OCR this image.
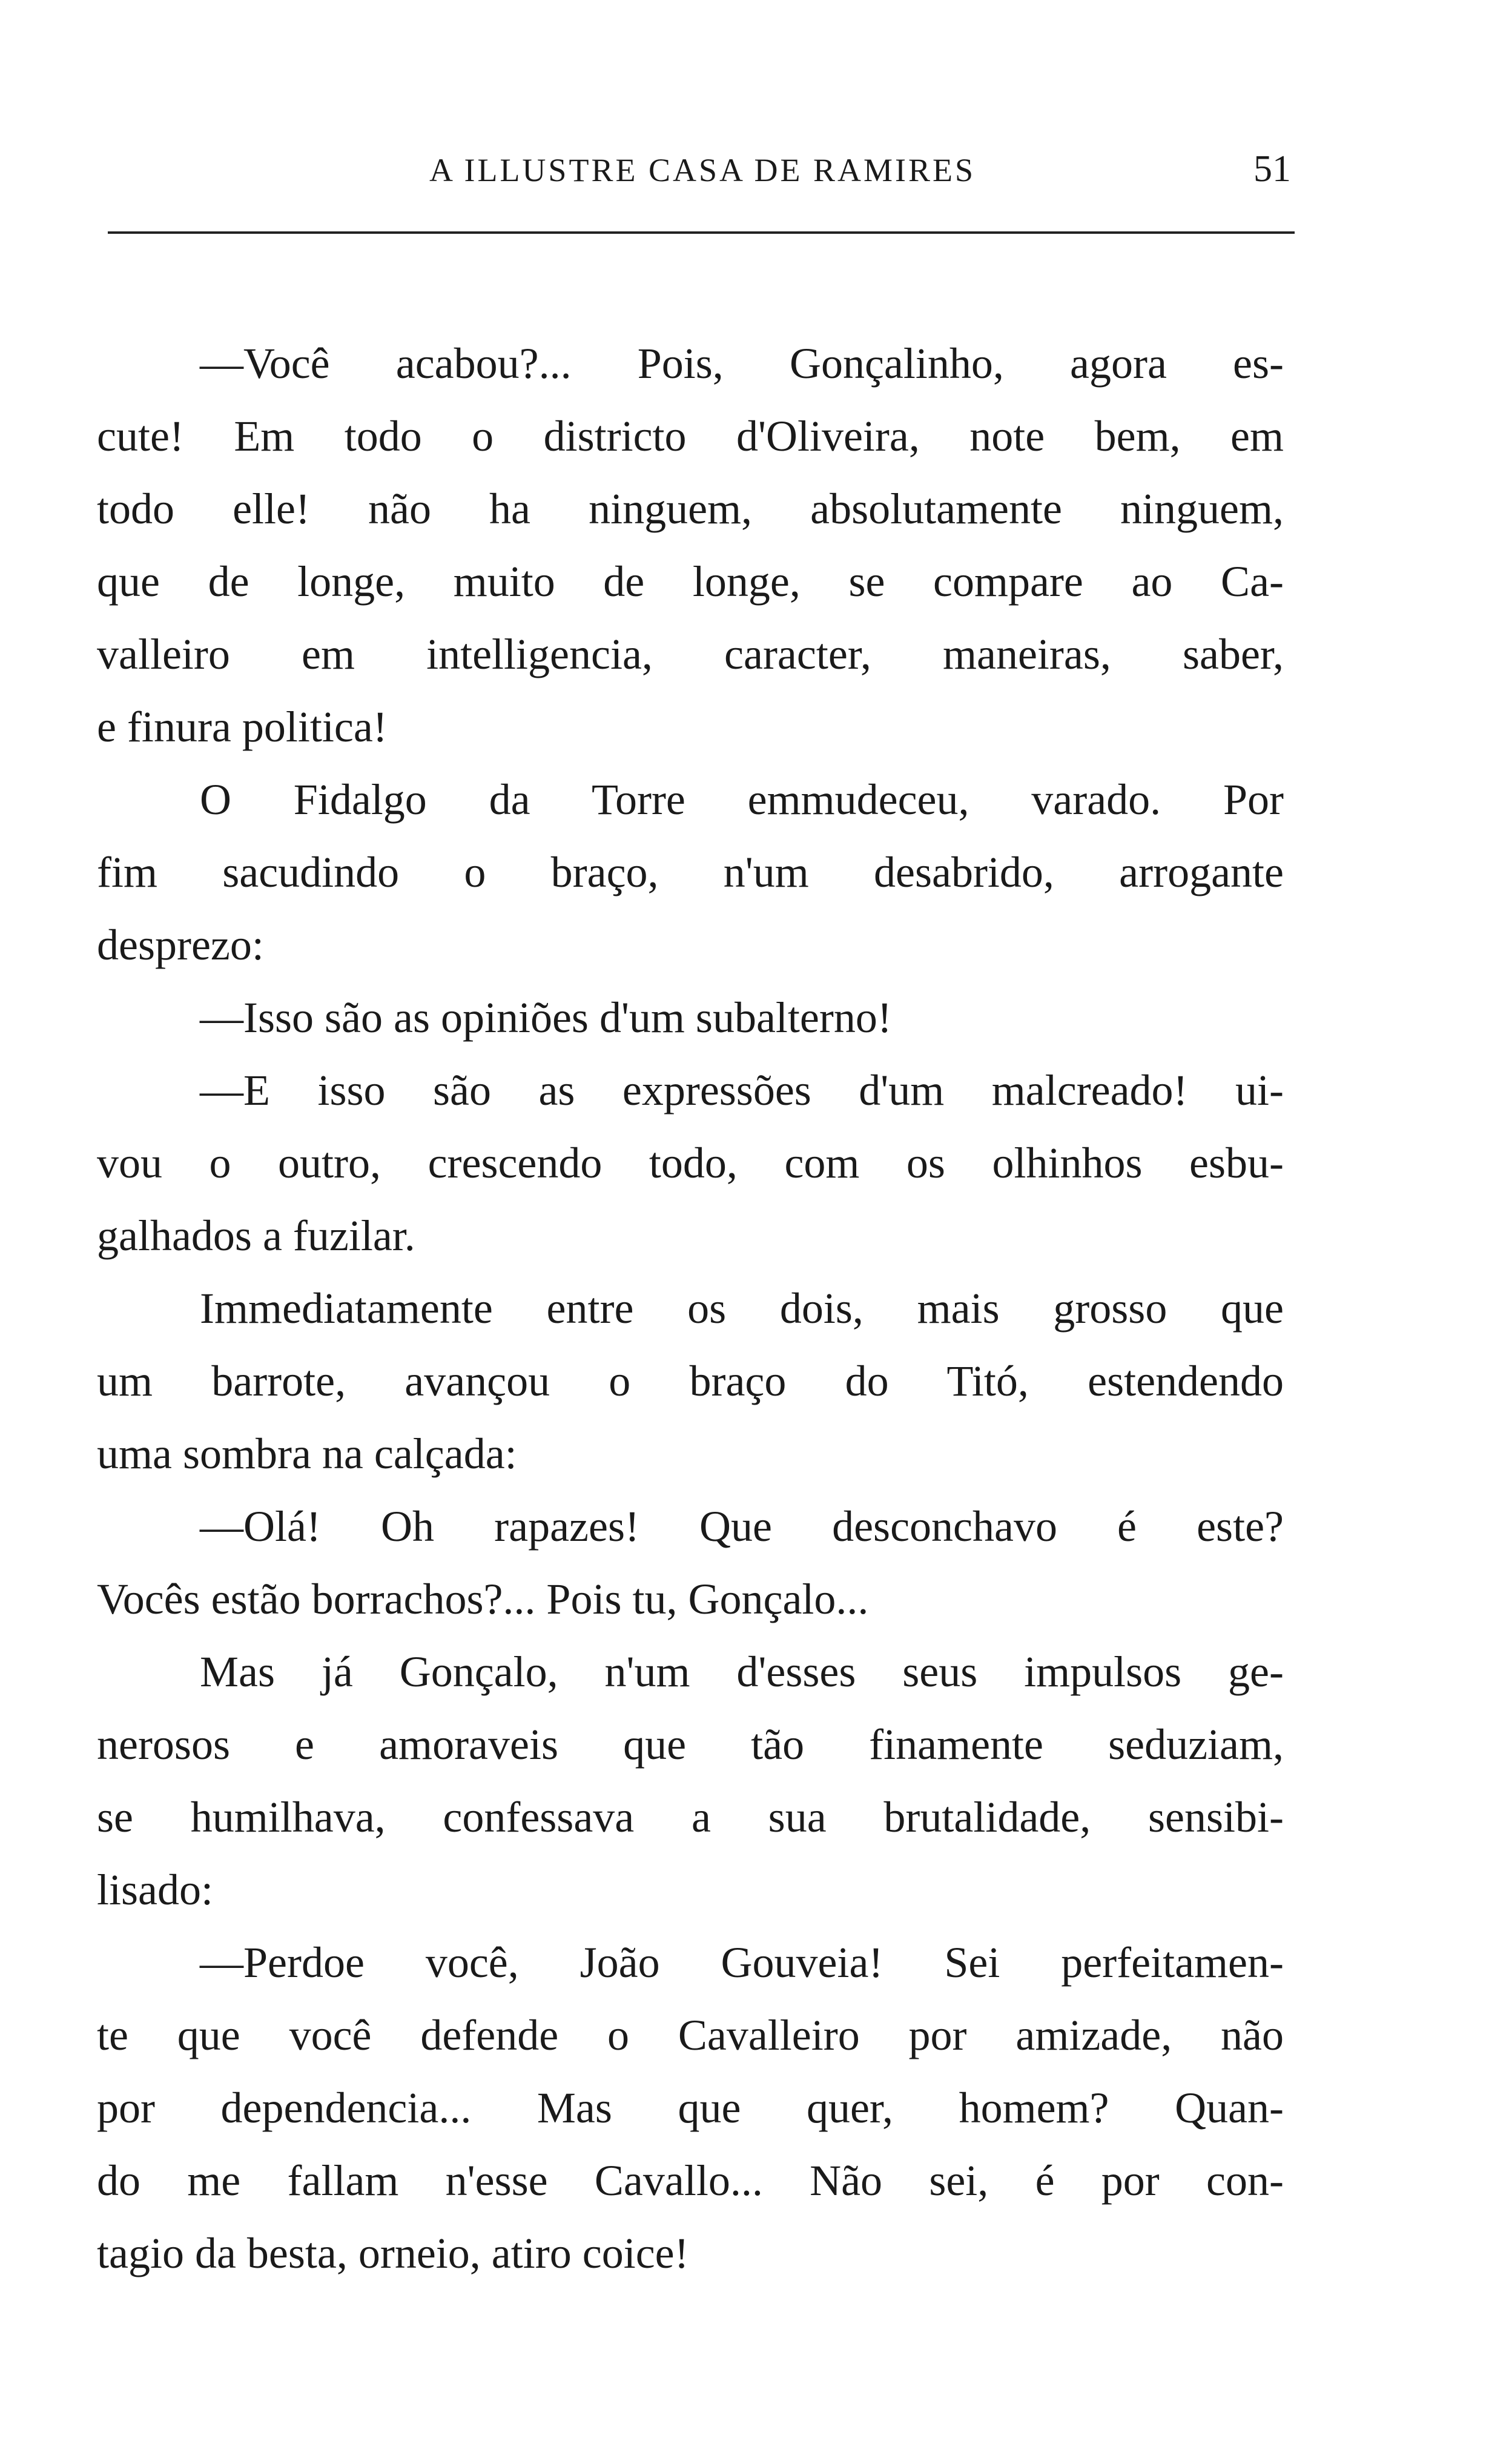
A ILLUSTRE CASA DE RAMIRES	51
—Você acabou?... Pois, Gonçalinho, agora es-
cute! Em todo o districto d'Oliveira, note bem, em
todo elle! não ha ninguem, absolutamente ninguem,
que de longe, muito de longe, se compare ao Ca-
valleiro em intelligencia, caracter, maneiras, saber,
e finura politica!
O Fidalgo da Torre emmudeceu, varado. Por
fim sacudindo o braço, n'um desabrido, arrogante
desprezo:
—Isso são as opiniões d'um subalterno!
—E isso são as expressões d'um malcreado! ui-
vou o outro, crescendo todo, com os olhinhos esbu-
galhados a fuzilar.
Immediatamente entre os dois, mais grosso que
um barrote, avançou o braço do Titó, estendendo
uma sombra na calçada:
—Olá! Oh rapazes! Que desconchavo é este?
Vocês estão borrachos?... Pois tu, Gonçalo...
Mas já Gonçalo, n'um d'esses seus impulsos ge-
nerosos e amoraveis que tão finamente seduziam,
se humilhava, confessava a sua brutalidade, sensibi-
lisado:
—Perdoe você, João Gouveia! Sei perfeitamen-
te que você defende o Cavalleiro por amizade, não
por dependencia... Mas que quer, homem? Quan-
do me fallam n'esse Cavallo... Não sei, é por con-
tagio da besta, orneio, atiro coice!
